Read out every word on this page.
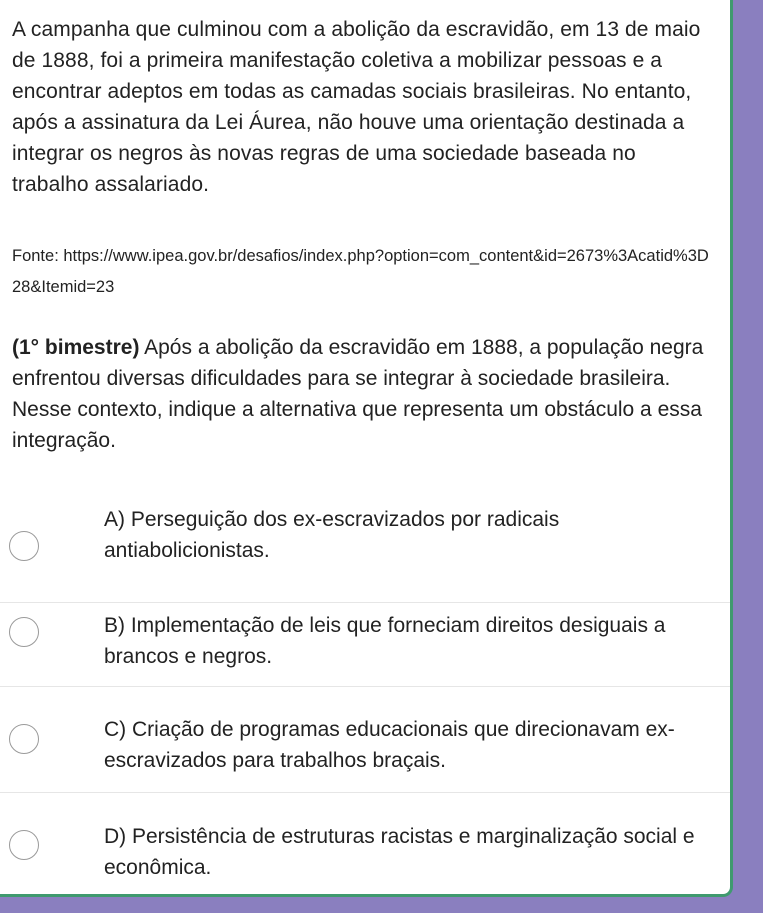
A campanha que culminou com a abolição da escravidão, em 13 de maio de 1888, foi a primeira manifestação coletiva a mobilizar pessoas e a encontrar adeptos em todas as camadas sociais brasileiras. No entanto, após a assinatura da Lei Áurea, não houve uma orientação destinada a integrar os negros às novas regras de uma sociedade baseada no trabalho assalariado.

Fonte: https://www.ipea.gov.br/desafios/index.php?option=com_content&id=2673%3Acatid%3D28&Itemid=23

(1° bimestre) Após a abolição da escravidão em 1888, a população negra enfrentou diversas dificuldades para se integrar à sociedade brasileira. Nesse contexto, indique a alternativa que representa um obstáculo a essa integração.

A) Perseguição dos ex-escravizados por radicais antiabolicionistas.
B) Implementação de leis que forneciam direitos desiguais a brancos e negros.
C) Criação de programas educacionais que direcionavam ex-escravizados para trabalhos braçais.
D) Persistência de estruturas racistas e marginalização social e econômica.
